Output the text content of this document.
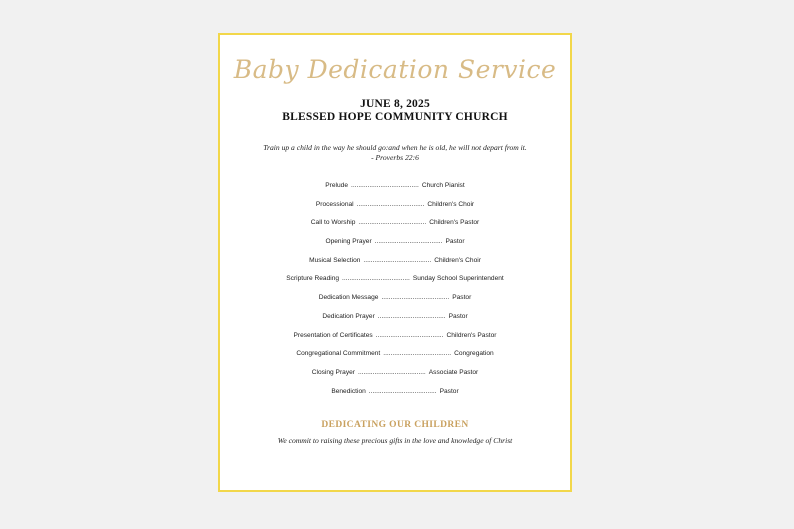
Baby Dedication Service
JUNE 8, 2025
BLESSED HOPE COMMUNITY CHURCH
Train up a child in the way he should go:and when he is old, he will not depart from it.
- Proverbs 22:6
Prelude ..................................... Church Pianist
Processional ..................................... Children's Choir
Call to Worship ..................................... Children's Pastor
Opening Prayer ..................................... Pastor
Musical Selection ..................................... Children's Choir
Scripture Reading ..................................... Sunday School Superintendent
Dedication Message ..................................... Pastor
Dedication Prayer ..................................... Pastor
Presentation of Certificates ..................................... Children's Pastor
Congregational Commitment ..................................... Congregation
Closing Prayer ..................................... Associate Pastor
Benediction ..................................... Pastor
DEDICATING OUR CHILDREN
We commit to raising these precious gifts in the love and knowledge of Christ
